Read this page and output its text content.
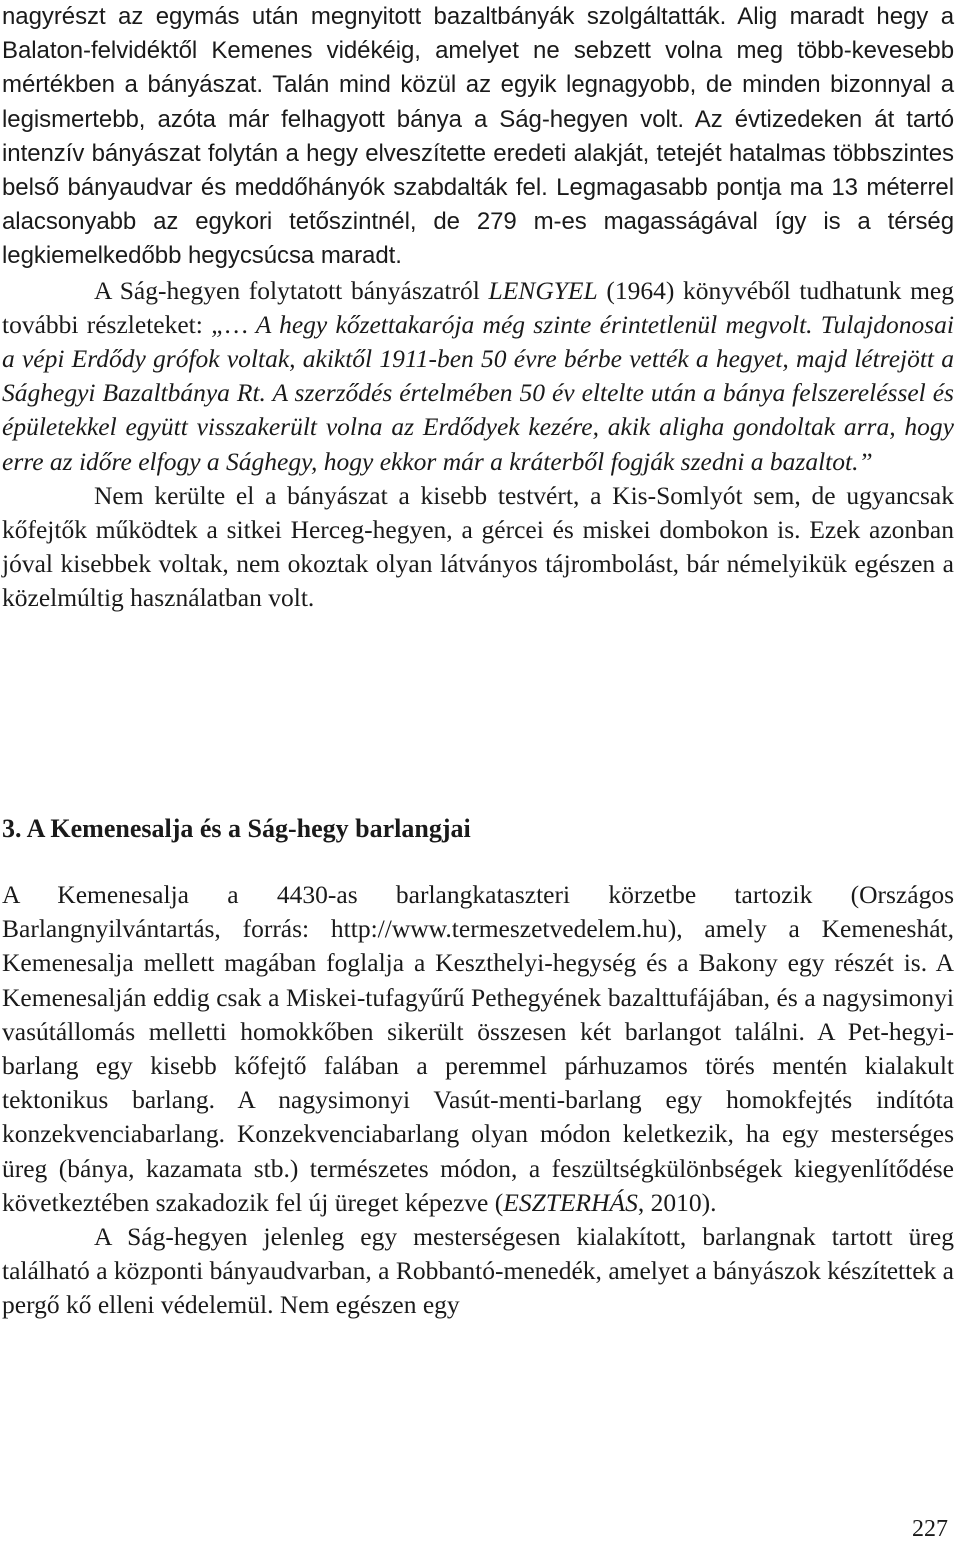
nagyrészt az egymás után megnyitott bazaltbányák szolgáltatták. Alig maradt hegy a Balaton-felvidéktől Kemenes vidékéig, amelyet ne sebzett volna meg több-kevesebb mértékben a bányászat. Talán mind közül az egyik legnagyobb, de minden bizonnyal a legismertebb, azóta már felhagyott bánya a Ság-hegyen volt. Az évtizedeken át tartó intenzív bányászat folytán a hegy elveszítette eredeti alakját, tetejét hatalmas többszintes belső bányaudvar és meddőhányók szabdalták fel. Legmagasabb pontja ma 13 méterrel alacsonyabb az egykori tetőszintnél, de 279 m-es magasságával így is a térség legkiemelkedőbb hegycsúcsa maradt.

A Ság-hegyen folytatott bányászatról LENGYEL (1964) könyvéből tudhatunk meg további részleteket: „… A hegy kőzettakarója még szinte érintetlenül megvolt. Tulajdonosai a vépi Erdődy grófok voltak, akiktől 1911-ben 50 évre bérbe vették a hegyet, majd létrejött a Sághegyi Bazaltbánya Rt. A szerződés értelmében 50 év eltelte után a bánya felszereléssel és épületekkel együtt visszakerült volna az Erdődyek kezére, akik aligha gondoltak arra, hogy erre az időre elfogy a Sághegy, hogy ekkor már a kráterből fogják szedni a bazaltot.”

Nem kerülte el a bányászat a kisebb testvért, a Kis-Somlyót sem, de ugyancsak kőfejtők működtek a sitkei Herceg-hegyen, a gércei és miskei dombokon is. Ezek azonban jóval kisebbek voltak, nem okoztak olyan látványos tájrombolást, bár némelyikük egészen a közelmúltig használatban volt.

3. A Kemenesalja és a Ság-hegy barlangjai

A Kemenesalja a 4430-as barlangkataszteri körzetbe tartozik (Országos Barlangnyilvántartás, forrás: http://www.termeszetvedelem.hu), amely a Kemeneshát, Kemenesalja mellett magában foglalja a Keszthelyi-hegység és a Bakony egy részét is. A Kemenesalján eddig csak a Miskei-tufagyűrű Pethegyének bazalttufájában, és a nagysimonyi vasútállomás melletti homokkőben sikerült összesen két barlangot találni. A Pet-hegyi-barlang egy kisebb kőfejtő falában a peremmel párhuzamos törés mentén kialakult tektonikus barlang. A nagysimonyi Vasút-menti-barlang egy homokfejtés indítóta konzekvenciabarlang. Konzekvenciabarlang olyan módon keletkezik, ha egy mesterséges üreg (bánya, kazamata stb.) természetes módon, a feszültségkülönbségek kiegyenlítődése következtében szakadozik fel új üreget képezve (ESZTERHÁS, 2010).

A Ság-hegyen jelenleg egy mesterségesen kialakított, barlangnak tartott üreg található a központi bányaudvarban, a Robbantó-menedék, amelyet a bányászok készítettek a pergő kő elleni védelemül. Nem egészen egy

227
